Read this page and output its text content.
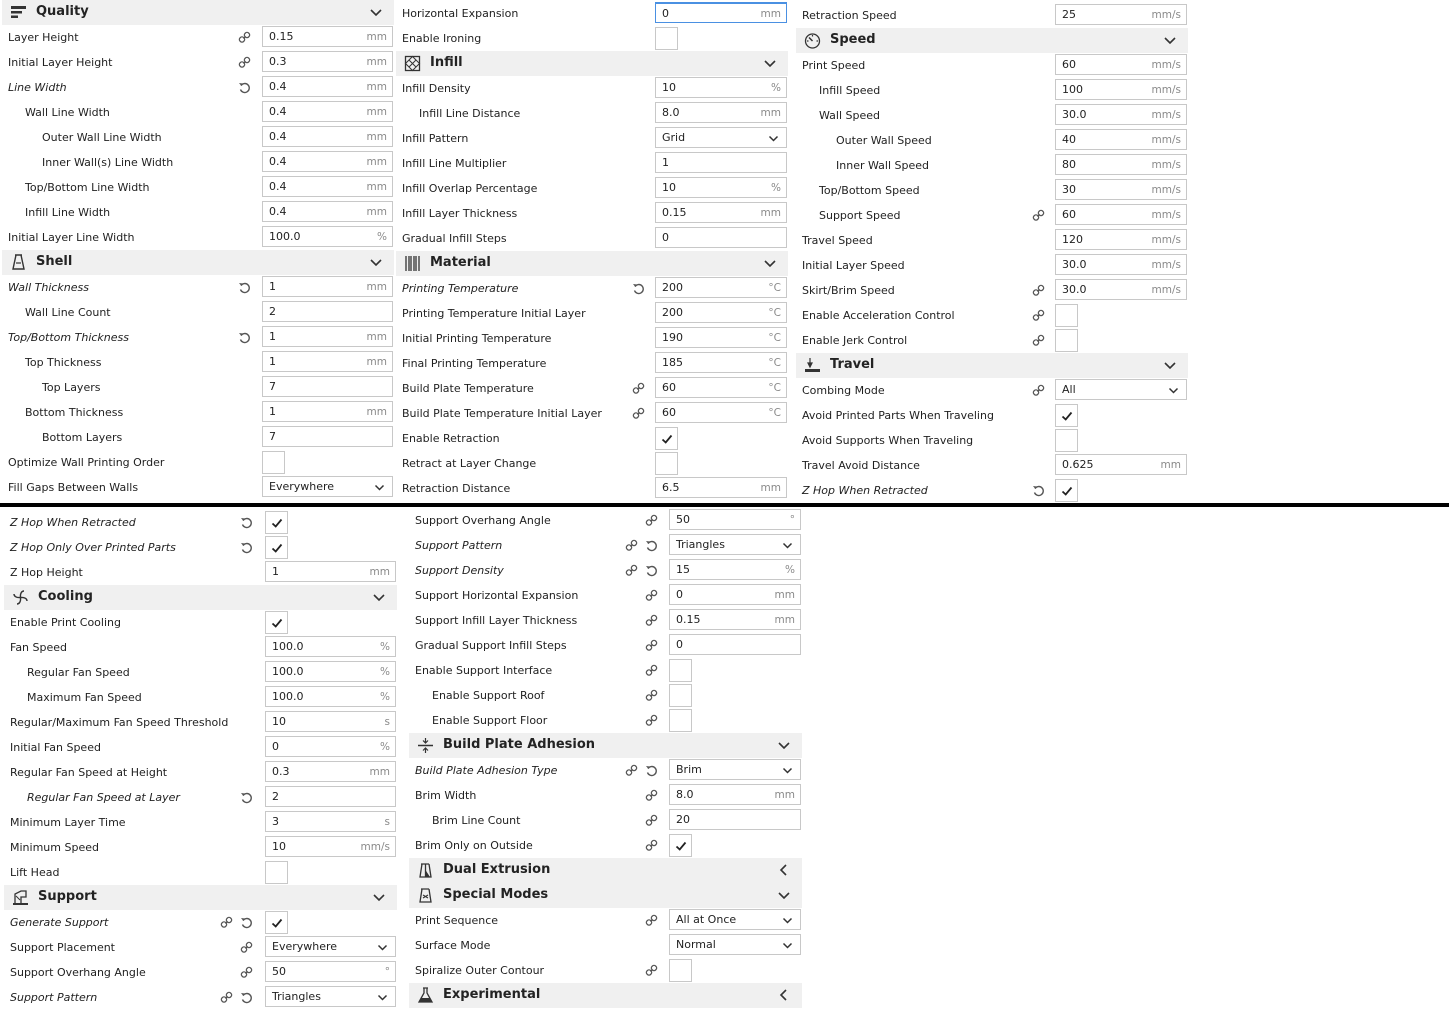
Quality
Layer Height	0.15	mm
Initial Layer Height	0.3	mm
Line Width	0.4	mm
Wall Line Width	0.4	mm
Outer Wall Line Width	0.4	mm
Inner Wall(s) Line Width	0.4	mm
Top/Bottom Line Width	0.4	mm
Infill Line Width	0.4	mm
Initial Layer Line Width	100.0	%
Shell
Wall Thickness	1	mm
Wall Line Count	2
Top/Bottom Thickness	1	mm
Top Thickness	1	mm
Top Layers	7
Bottom Thickness	1	mm
Bottom Layers	7
Optimize Wall Printing Order
Fill Gaps Between Walls	Everywhere
Horizontal Expansion	0	mm
Enable Ironing
Infill
Infill Density	10	%
Infill Line Distance	8.0	mm
Infill Pattern	Grid
Infill Line Multiplier	1
Infill Overlap Percentage	10	%
Infill Layer Thickness	0.15	mm
Gradual Infill Steps	0
Material
Printing Temperature	200	°C
Printing Temperature Initial Layer	200	°C
Initial Printing Temperature	190	°C
Final Printing Temperature	185	°C
Build Plate Temperature	60	°C
Build Plate Temperature Initial Layer	60	°C
Enable Retraction
Retract at Layer Change
Retraction Distance	6.5	mm
Retraction Speed	25	mm/s
Speed
Print Speed	60	mm/s
Infill Speed	100	mm/s
Wall Speed	30.0	mm/s
Outer Wall Speed	40	mm/s
Inner Wall Speed	80	mm/s
Top/Bottom Speed	30	mm/s
Support Speed	60	mm/s
Travel Speed	120	mm/s
Initial Layer Speed	30.0	mm/s
Skirt/Brim Speed	30.0	mm/s
Enable Acceleration Control
Enable Jerk Control
Travel
Combing Mode	All
Avoid Printed Parts When Traveling
Avoid Supports When Traveling
Travel Avoid Distance	0.625	mm
Z Hop When Retracted
Z Hop When Retracted
Z Hop Only Over Printed Parts
Z Hop Height	1	mm
Cooling
Enable Print Cooling
Fan Speed	100.0	%
Regular Fan Speed	100.0	%
Maximum Fan Speed	100.0	%
Regular/Maximum Fan Speed Threshold	10	s
Initial Fan Speed	0	%
Regular Fan Speed at Height	0.3	mm
Regular Fan Speed at Layer	2
Minimum Layer Time	3	s
Minimum Speed	10	mm/s
Lift Head
Support
Generate Support
Support Placement	Everywhere
Support Overhang Angle	50	°
Support Pattern	Triangles
Support Overhang Angle	50	°
Support Pattern	Triangles
Support Density	15	%
Support Horizontal Expansion	0	mm
Support Infill Layer Thickness	0.15	mm
Gradual Support Infill Steps	0
Enable Support Interface
Enable Support Roof
Enable Support Floor
Build Plate Adhesion
Build Plate Adhesion Type	Brim
Brim Width	8.0	mm
Brim Line Count	20
Brim Only on Outside
Dual Extrusion
Special Modes
Print Sequence	All at Once
Surface Mode	Normal
Spiralize Outer Contour
Experimental
